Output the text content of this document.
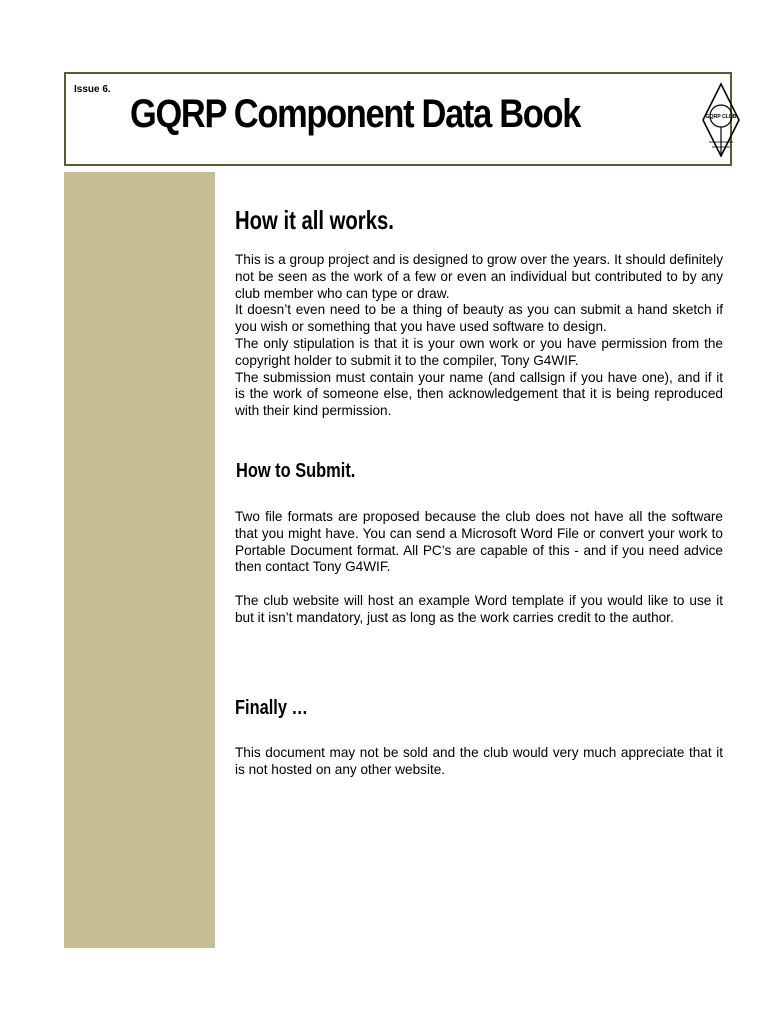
Issue 6.
GQRP Component Data Book	GQRP CLUB
How it all works.

This is a group project and is designed to grow over the years. It should definitely not be seen as the work of a few or even an individual but contributed to by any club member who can type or draw.

It doesn’t even need to be a thing of beauty as you can submit a hand sketch if you wish or something that you have used software to design.

The only stipulation is that it is your own work or you have permission from the copyright holder to submit it to the compiler, Tony G4WIF.

The submission must contain your name (and callsign if you have one), and if it is the work of someone else, then acknowledgement that it is being reproduced with their kind permission.

How to Submit.

Two file formats are proposed because the club does not have all the software that you might have. You can send a Microsoft Word File or convert your work to Portable Document format. All PC’s are capable of this - and if you need advice then contact Tony G4WIF.

The club website will host an example Word template if you would like to use it but it isn’t mandatory, just as long as the work carries credit to the author.

Finally …

This document may not be sold and the club would very much appreciate that it is not hosted on any other website.
